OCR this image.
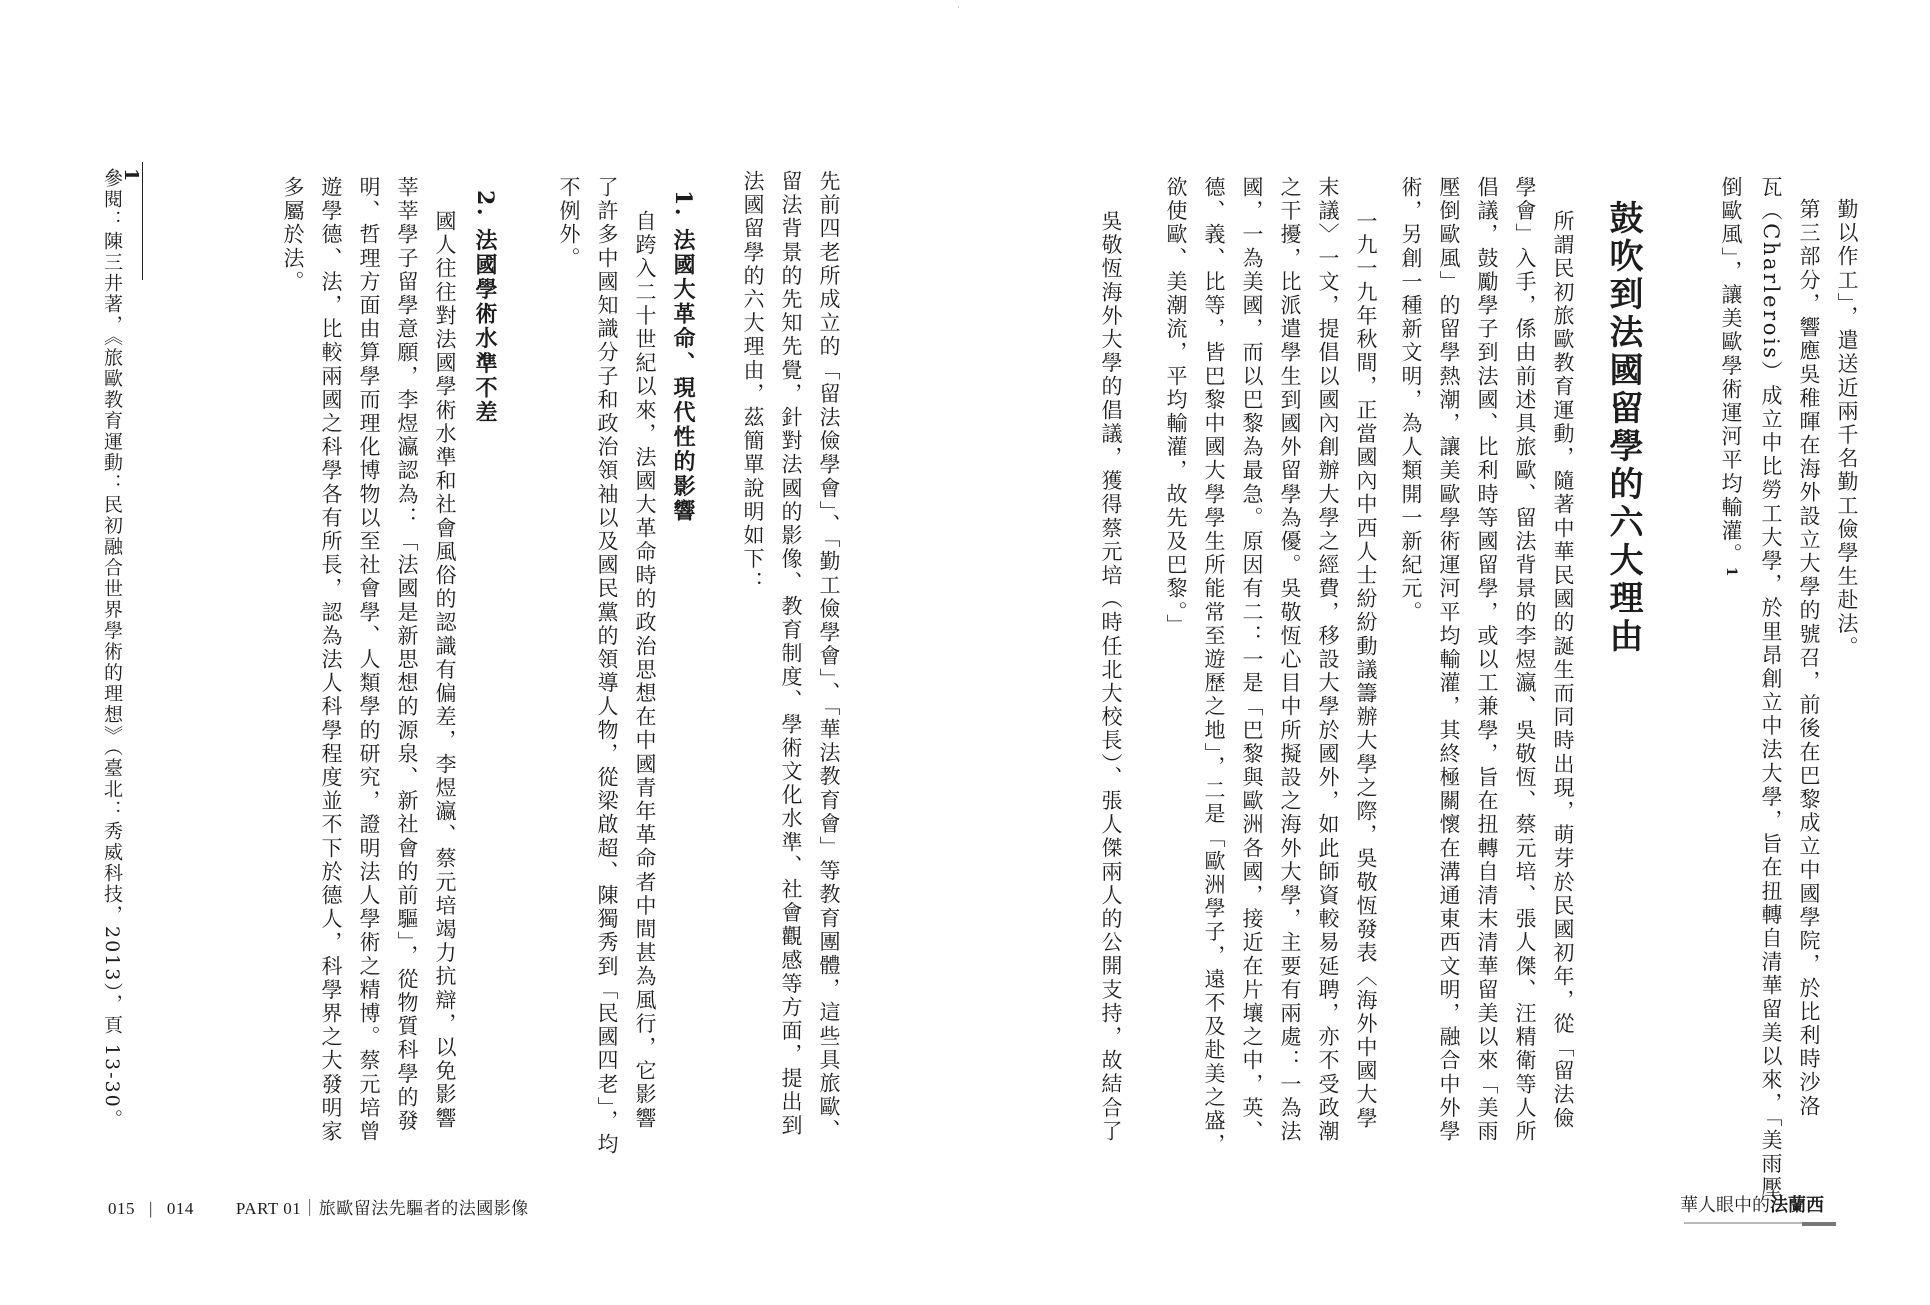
·

勤以作工」，遣送近兩千名勤工儉學生赴法。

第三部分，響應吳稚暉在海外設立大學的號召，前後在巴黎成立中國學院，於比利時沙洛

瓦（Charlerois）成立中比勞工大學，於里昂創立中法大學，旨在扭轉自清華留美以來，「美雨壓

倒歐風」，讓美歐學術運河平均輸灌。1
鼓吹到法國留學的六大理由

所謂民初旅歐教育運動，隨著中華民國的誕生而同時出現，萌芽於民國初年，從「留法儉

學會」入手，係由前述具旅歐、留法背景的李煜瀛、吳敬恆、蔡元培、張人傑、汪精衛等人所

倡議，鼓勵學子到法國、比利時等國留學，或以工兼學，旨在扭轉自清末清華留美以來「美雨

壓倒歐風」的留學熱潮，讓美歐學術運河平均輸灌，其終極關懷在溝通東西文明，融合中外學

術，另創一種新文明，為人類開一新紀元。

一九一九年秋間，正當國內中西人士紛紛動議籌辦大學之際，吳敬恆發表〈海外中國大學

末議〉一文，提倡以國內創辦大學之經費，移設大學於國外，如此師資較易延聘，亦不受政潮

之干擾，比派遣學生到國外留學為優。吳敬恆心目中所擬設之海外大學，主要有兩處：一為法

國，一為美國，而以巴黎為最急。原因有二：一是「巴黎與歐洲各國，接近在片壤之中，英、

德、義、比等，皆巴黎中國大學學生所能常至遊歷之地」，二是「歐洲學子，遠不及赴美之盛，

欲使歐、美潮流，平均輸灌，故先及巴黎。」

吳敬恆海外大學的倡議，獲得蔡元培（時任北大校長）、張人傑兩人的公開支持，故結合了

先前四老所成立的「留法儉學會」、「勤工儉學會」、「華法教育會」等教育團體，這些具旅歐、

留法背景的先知先覺，針對法國的影像、教育制度、學術文化水準、社會觀感等方面，提出到

法國留學的六大理由，茲簡單說明如下：

1. 法國大革命、現代性的影響

自跨入二十世紀以來，法國大革命時的政治思想在中國青年革命者中間甚為風行，它影響

了許多中國知識分子和政治領袖以及國民黨的領導人物，從梁啟超、陳獨秀到「民國四老」，均

不例外。

2. 法國學術水準不差

國人往往對法國學術水準和社會風俗的認識有偏差，李煜瀛、蔡元培竭力抗辯，以免影響

莘莘學子留學意願，李煜瀛認為：「法國是新思想的源泉、新社會的前驅」，從物質科學的發

明、哲理方面由算學而理化博物以至社會學、人類學的研究，證明法人學術之精博。蔡元培曾

遊學德、法，比較兩國之科學各有所長，認為法人科學程度並不下於德人，科學界之大發明家

多屬於法。

1
參閱：陳三井著，《旅歐教育運動：民初融合世界學術的理想》（臺北：秀威科技，2013），頁 13-30。
015 | 014 PART 01｜旅歐留法先驅者的法國影像	華人眼中的法蘭西
